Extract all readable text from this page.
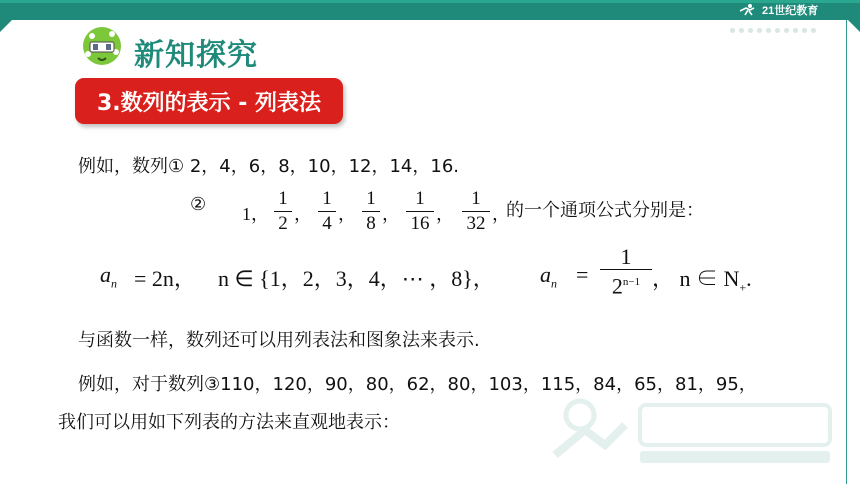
21世纪教育
新知探究
3.数列的表示 - 列表法
例如，数列① 2，4，6，8，10，12，14，16.
② 1，
1
2 ，
1
4 ，
1
8 ，
1
16 ，
1
32 ，
的一个通项公式分别是：
$a_n = 2n$， n ∈ {1，2，3，4，⋯ ，8}， $a_n$ =
1
$2^{n-1}$ ， n ∈ $N_+$.
与函数一样，数列还可以用列表法和图象法来表示.
例如，对于数列③110，120，90，80，62，80，103，115，84，65，81，95，
我们可以用如下列表的方法来直观地表示：
